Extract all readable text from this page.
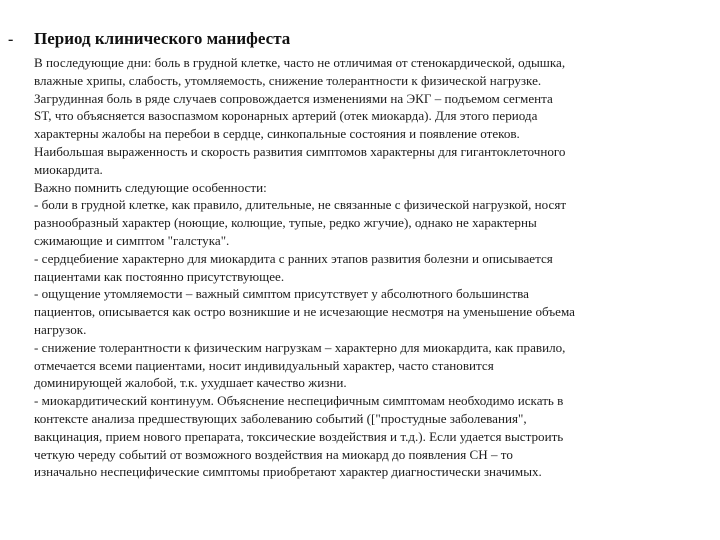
- Период клинического манифеста
В последующие дни: боль в грудной клетке, часто не отличимая от стенокардической, одышка,
влажные хрипы, слабость, утомляемость, снижение толерантности к физической нагрузке.
Загрудинная боль в ряде случаев сопровождается изменениями на ЭКГ – подъемом сегмента
ST, что объясняется вазоспазмом коронарных артерий (отек миокарда). Для этого периода
характерны жалобы на перебои в сердце, синкопальные состояния и появление отеков.
Наибольшая выраженность и скорость развития симптомов характерны для гигантоклеточного
миокардита.
Важно помнить следующие особенности:
- боли в грудной клетке, как правило, длительные, не связанные с физической нагрузкой, носят
разнообразный характер (ноющие, колющие, тупые, редко жгучие), однако не характерны
сжимающие и симптом "галстука".
- сердцебиение характерно для миокардита с ранних этапов развития болезни и описывается
пациентами как постоянно присутствующее.
- ощущение утомляемости – важный симптом присутствует у абсолютного большинства
пациентов, описывается как остро возникшие и не исчезающие несмотря на уменьшение объема
нагрузок.
- снижение толерантности к физическим нагрузкам – характерно для миокардита, как правило,
отмечается всеми пациентами, носит индивидуальный характер, часто становится
доминирующей жалобой, т.к. ухудшает качество жизни.
- миокардитический континуум. Объяснение неспецифичным симптомам необходимо искать в
контексте анализа предшествующих заболеванию событий (["простудные заболевания",
вакцинация, прием нового препарата, токсические воздействия и т.д.). Если удается выстроить
четкую череду событий от возможного воздействия на миокард до появления СН – то
изначально неспецифические симптомы приобретают характер диагностически значимых.
